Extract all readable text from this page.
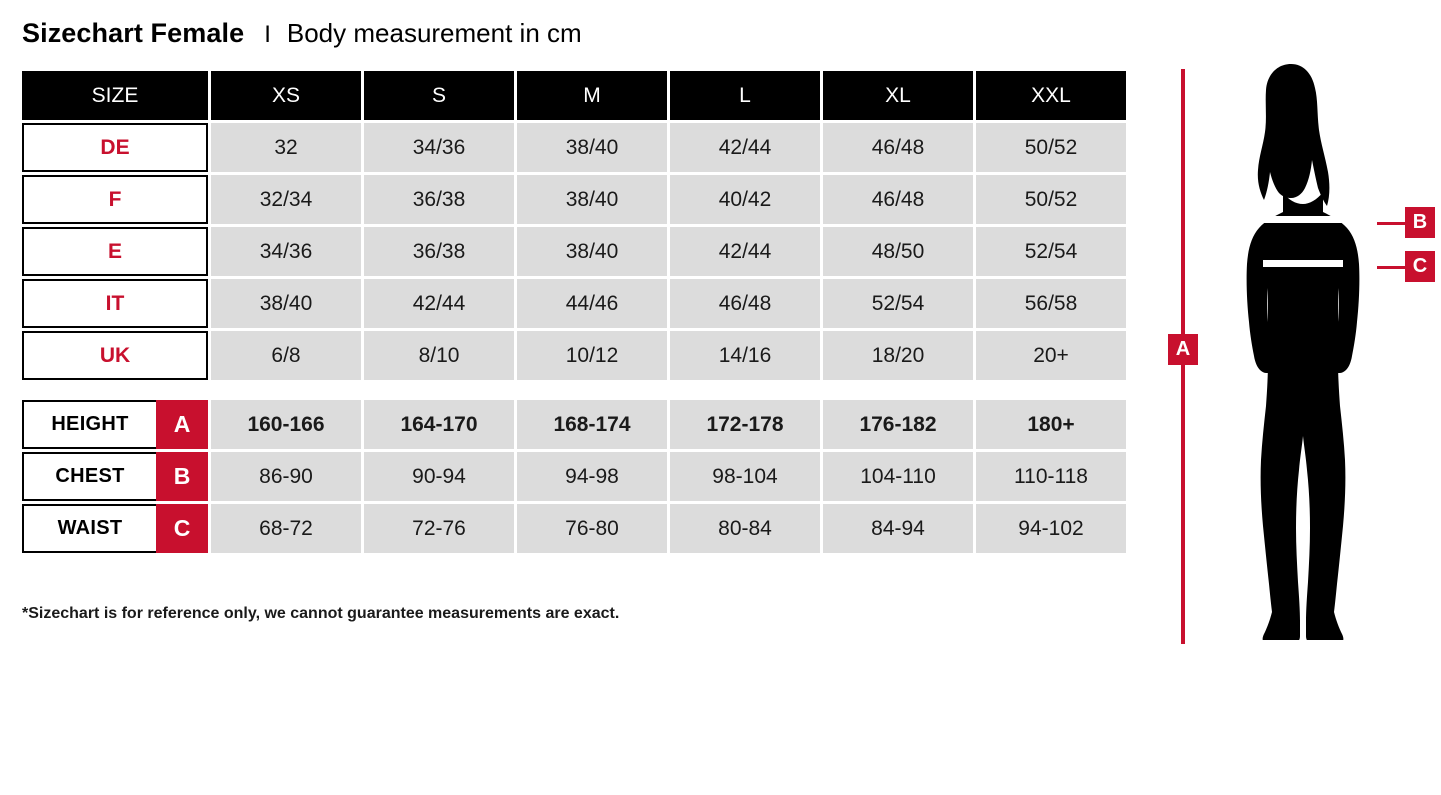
Sizechart Female I Body measurement in cm
SIZE	XS	S	M	L	XL	XXL
DE	32	34/36	38/40	42/44	46/48	50/52
F	32/34	36/38	38/40	40/42	46/48	50/52
E	34/36	36/38	38/40	42/44	48/50	52/54
IT	38/40	42/44	44/46	46/48	52/54	56/58
UK	6/8	8/10	10/12	14/16	18/20	20+

HEIGHT A	160-166	164-170	168-174	172-178	176-182	180+

CHEST B	86-90	90-94	94-98	98-104	104-110	110-118

WAIST C	68-72	72-76	76-80	80-84	84-94	94-102
*Sizechart is for reference only, we cannot guarantee measurements are exact.
A
B
C
